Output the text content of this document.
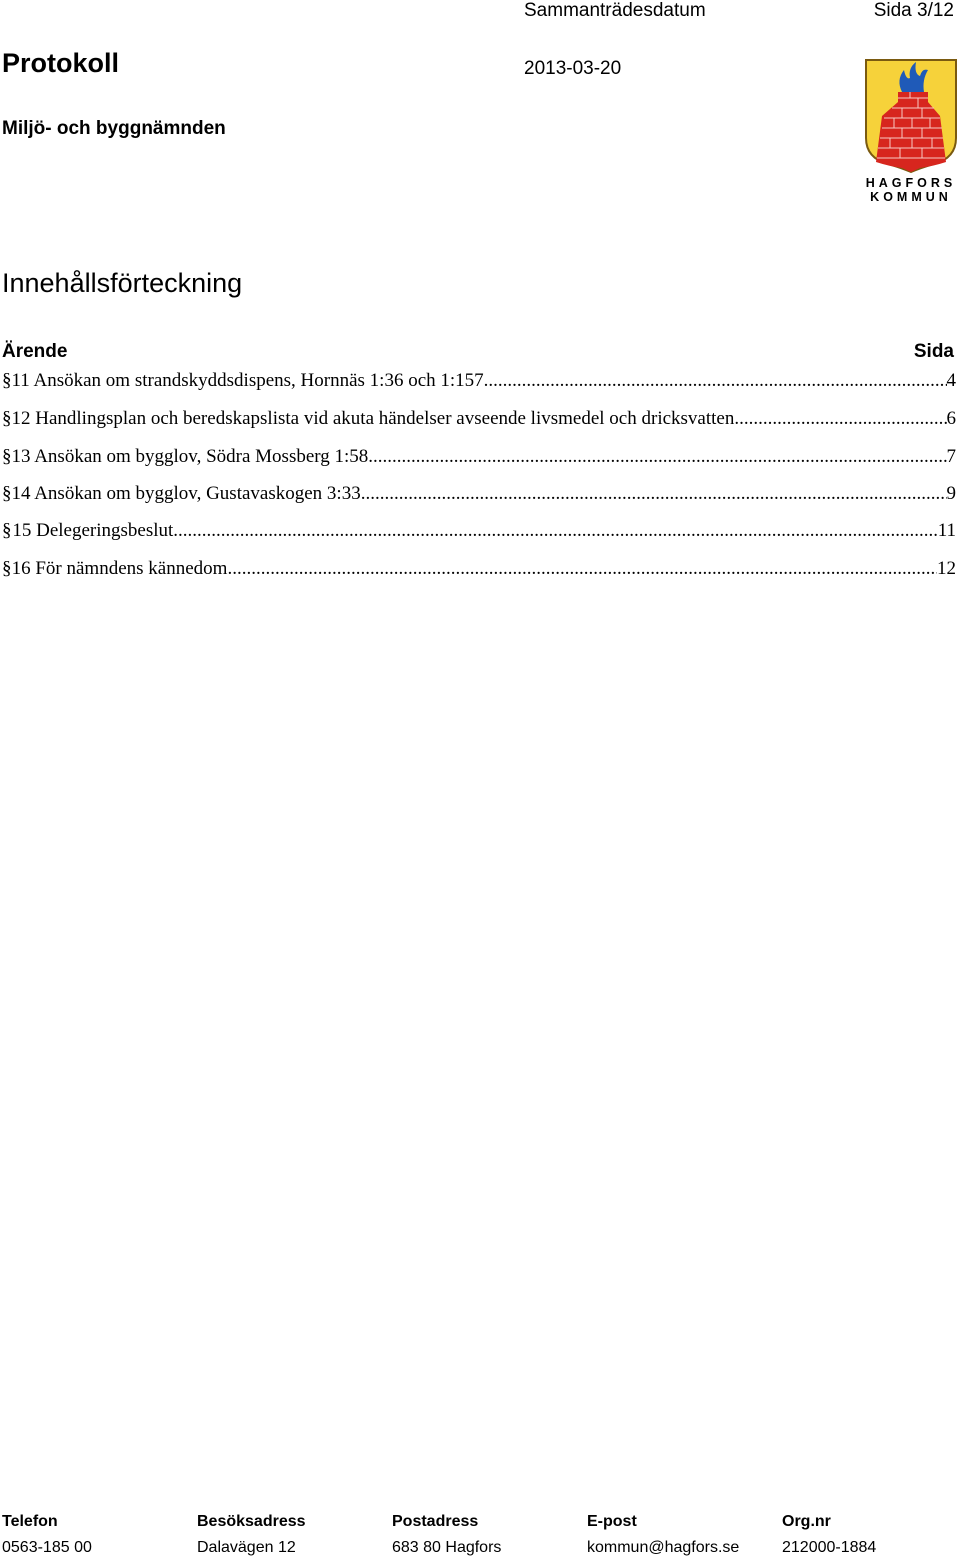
Sammanträdesdatum	Sida 3/12
Protokoll	2013-03-20
Miljö- och byggnämnden
HAGFORS
KOMMUN
Innehållsförteckning
Ärende	Sida
§ 11 Ansökan om strandskyddsdispens, Hornnäs 1:36 och 1:157 .....	4
§ 12 Handlingsplan och beredskapslista vid akuta händelser avseende livsmedel och dricksvatten .....	6
§ 13 Ansökan om bygglov, Södra Mossberg 1:58 .....	7
§ 14 Ansökan om bygglov, Gustavaskogen 3:33 .....	9
§ 15 Delegeringsbeslut .....	11
§ 16 För nämndens kännedom .....	12
Telefon	Besöksadress	Postadress	E-post	Org.nr
0563-185 00	Dalavägen 12	683 80 Hagfors	kommun@hagfors.se	212000-1884
